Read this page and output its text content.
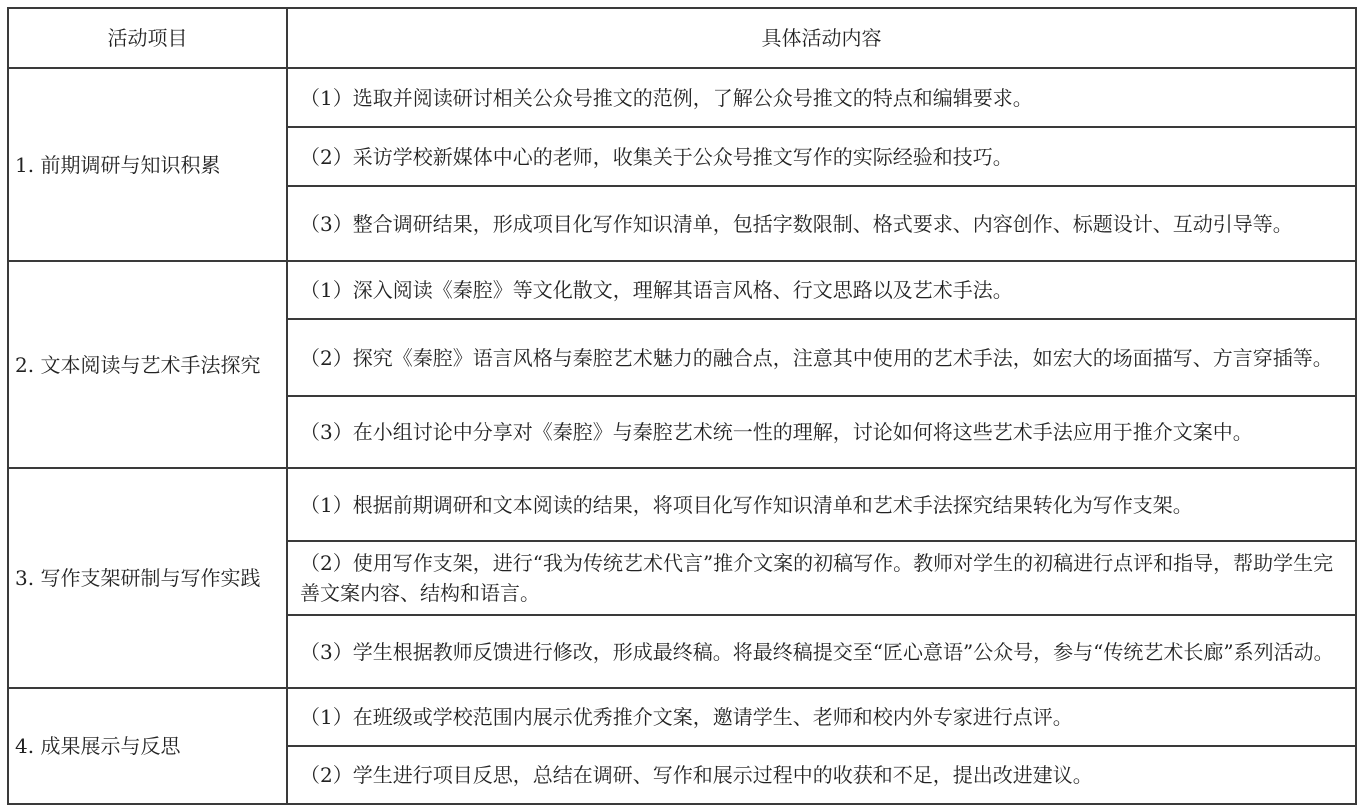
活动项目	具体活动内容
1. 前期调研与知识积累	（1）选取并阅读研讨相关公众号推文的范例，了解公众号推文的特点和编辑要求。
	（2）采访学校新媒体中心的老师，收集关于公众号推文写作的实际经验和技巧。
	（3）整合调研结果，形成项目化写作知识清单，包括字数限制、格式要求、内容创作、标题设计、互动引导等。
2. 文本阅读与艺术手法探究	（1）深入阅读《秦腔》等文化散文，理解其语言风格、行文思路以及艺术手法。
	（2）探究《秦腔》语言风格与秦腔艺术魅力的融合点，注意其中使用的艺术手法，如宏大的场面描写、方言穿插等。
	（3）在小组讨论中分享对《秦腔》与秦腔艺术统一性的理解，讨论如何将这些艺术手法应用于推介文案中。
3. 写作支架研制与写作实践	（1）根据前期调研和文本阅读的结果，将项目化写作知识清单和艺术手法探究结果转化为写作支架。
	（2）使用写作支架，进行“我为传统艺术代言”推介文案的初稿写作。教师对学生的初稿进行点评和指导，帮助学生完善文案内容、结构和语言。
	（3）学生根据教师反馈进行修改，形成最终稿。将最终稿提交至“匠心意语”公众号，参与“传统艺术长廊”系列活动。
4. 成果展示与反思	（1）在班级或学校范围内展示优秀推介文案，邀请学生、老师和校内外专家进行点评。
	（2）学生进行项目反思，总结在调研、写作和展示过程中的收获和不足，提出改进建议。
